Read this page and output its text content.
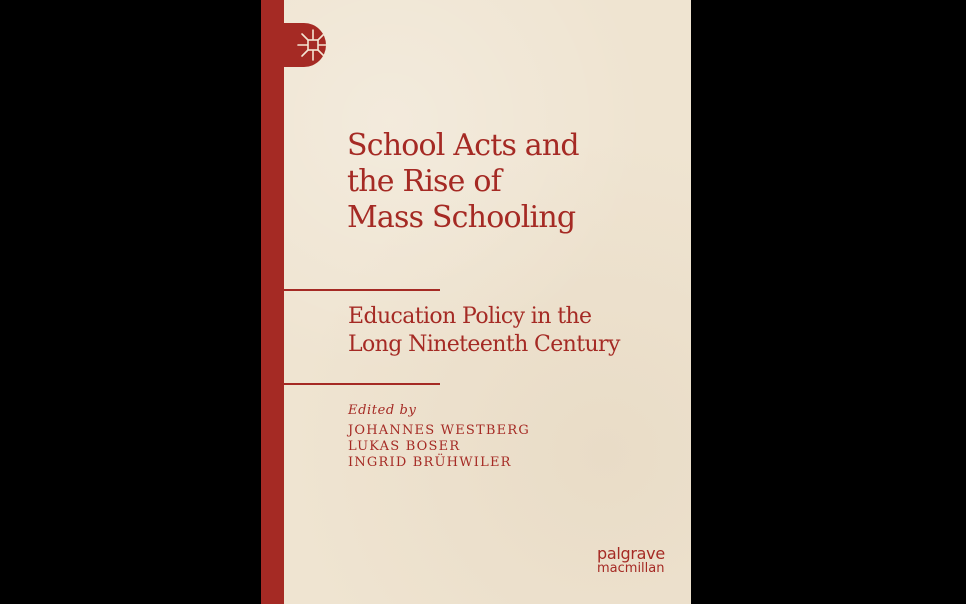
School Acts and
the Rise of
Mass Schooling
Education Policy in the
Long Nineteenth Century
Edited by
JOHANNES WESTBERG
LUKAS BOSER
INGRID BRÜHWILER
palgrave
macmillan
